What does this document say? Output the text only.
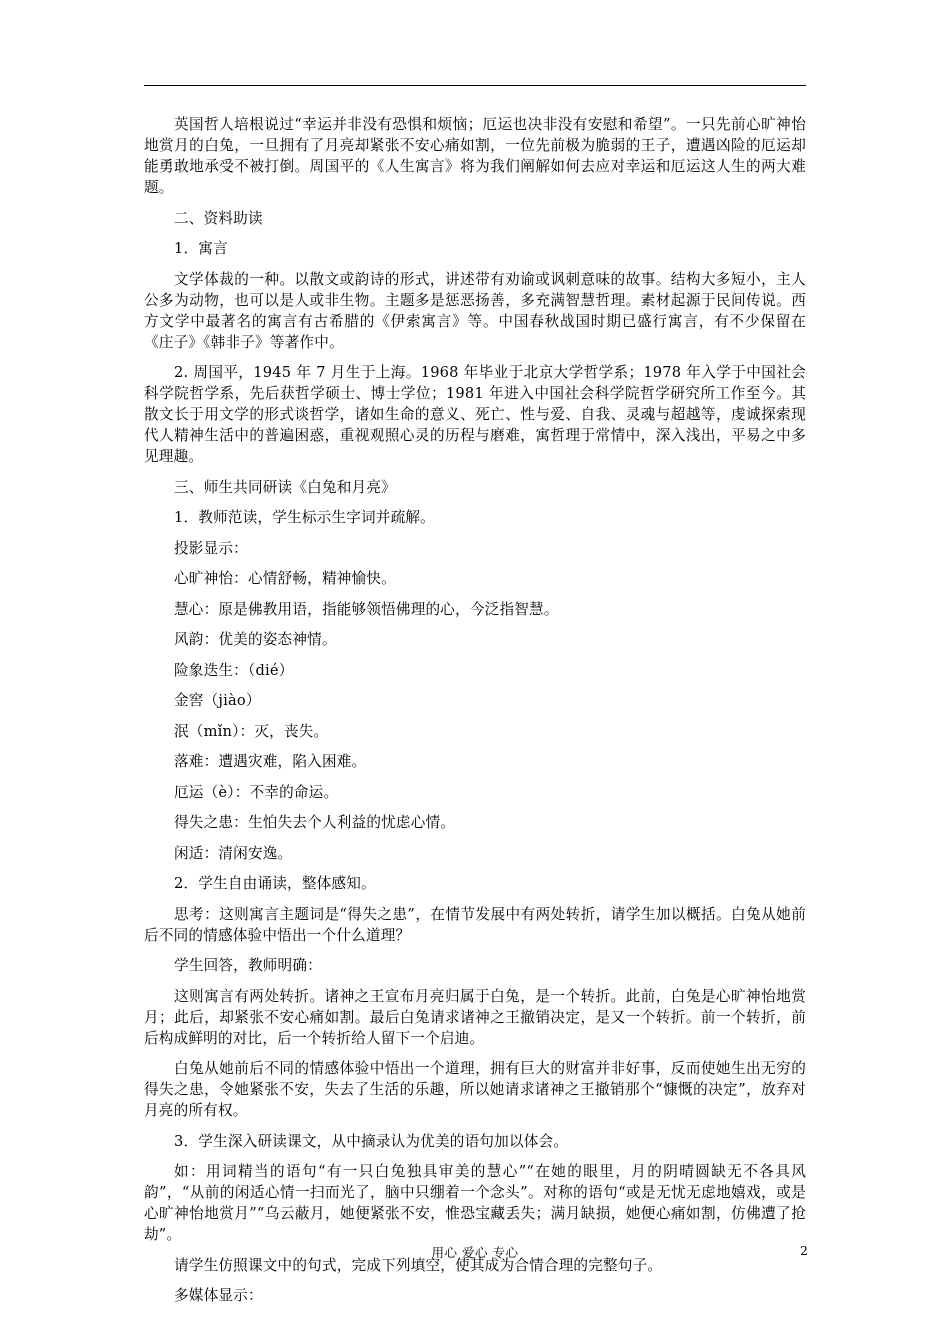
英国哲人培根说过“幸运并非没有恐惧和烦恼；厄运也决非没有安慰和希望”。一只先前心旷神怡地赏月的白兔，一旦拥有了月亮却紧张不安心痛如割，一位先前极为脆弱的王子，遭遇凶险的厄运却能勇敢地承受不被打倒。周国平的《人生寓言》将为我们阐解如何去应对幸运和厄运这人生的两大难题。

二、资料助读

1．寓言

文学体裁的一种。以散文或韵诗的形式，讲述带有劝谕或讽刺意味的故事。结构大多短小，主人公多为动物，也可以是人或非生物。主题多是惩恶扬善，多充满智慧哲理。素材起源于民间传说。西方文学中最著名的寓言有古希腊的《伊索寓言》等。中国春秋战国时期已盛行寓言，有不少保留在《庄子》《韩非子》等著作中。

2. 周国平，1945 年 7 月生于上海。1968 年毕业于北京大学哲学系；1978 年入学于中国社会科学院哲学系，先后获哲学硕士、博士学位；1981 年进入中国社会科学院哲学研究所工作至今。其散文长于用文学的形式谈哲学，诸如生命的意义、死亡、性与爱、自我、灵魂与超越等，虔诚探索现代人精神生活中的普遍困惑，重视观照心灵的历程与磨难，寓哲理于常情中，深入浅出，平易之中多见理趣。

三、师生共同研读《白兔和月亮》

1．教师范读，学生标示生字词并疏解。

投影显示：

心旷神怡：心情舒畅，精神愉快。

慧心：原是佛教用语，指能够领悟佛理的心，今泛指智慧。

风韵：优美的姿态神情。

险象迭生：（dié）

金窖（jiào）

泯（mǐn）：灭，丧失。

落难：遭遇灾难，陷入困难。

厄运（è）：不幸的命运。

得失之患：生怕失去个人利益的忧虑心情。

闲适：清闲安逸。

2．学生自由诵读，整体感知。

思考：这则寓言主题词是“得失之患”，在情节发展中有两处转折，请学生加以概括。白兔从她前后不同的情感体验中悟出一个什么道理？

学生回答，教师明确：

这则寓言有两处转折。诸神之王宣布月亮归属于白兔，是一个转折。此前，白兔是心旷神怡地赏月；此后，却紧张不安心痛如割。最后白兔请求诸神之王撤销决定，是又一个转折。前一个转折，前后构成鲜明的对比，后一个转折给人留下一个启迪。

白兔从她前后不同的情感体验中悟出一个道理，拥有巨大的财富并非好事，反而使她生出无穷的得失之患，令她紧张不安，失去了生活的乐趣，所以她请求诸神之王撤销那个“慷慨的决定”，放弃对月亮的所有权。

3．学生深入研读课文，从中摘录认为优美的语句加以体会。

如：用词精当的语句“有一只白兔独具审美的慧心”“在她的眼里，月的阴晴圆缺无不各具风韵”，“从前的闲适心情一扫而光了，脑中只绷着一个念头”。对称的语句“或是无忧无虑地嬉戏，或是心旷神怡地赏月”“乌云蔽月，她便紧张不安，惟恐宝藏丢失；满月缺损，她便心痛如割，仿佛遭了抢劫”。

请学生仿照课文中的句式，完成下列填空，使其成为合情合理的完整句子。

多媒体显示：

用心 爱心 专心	2
